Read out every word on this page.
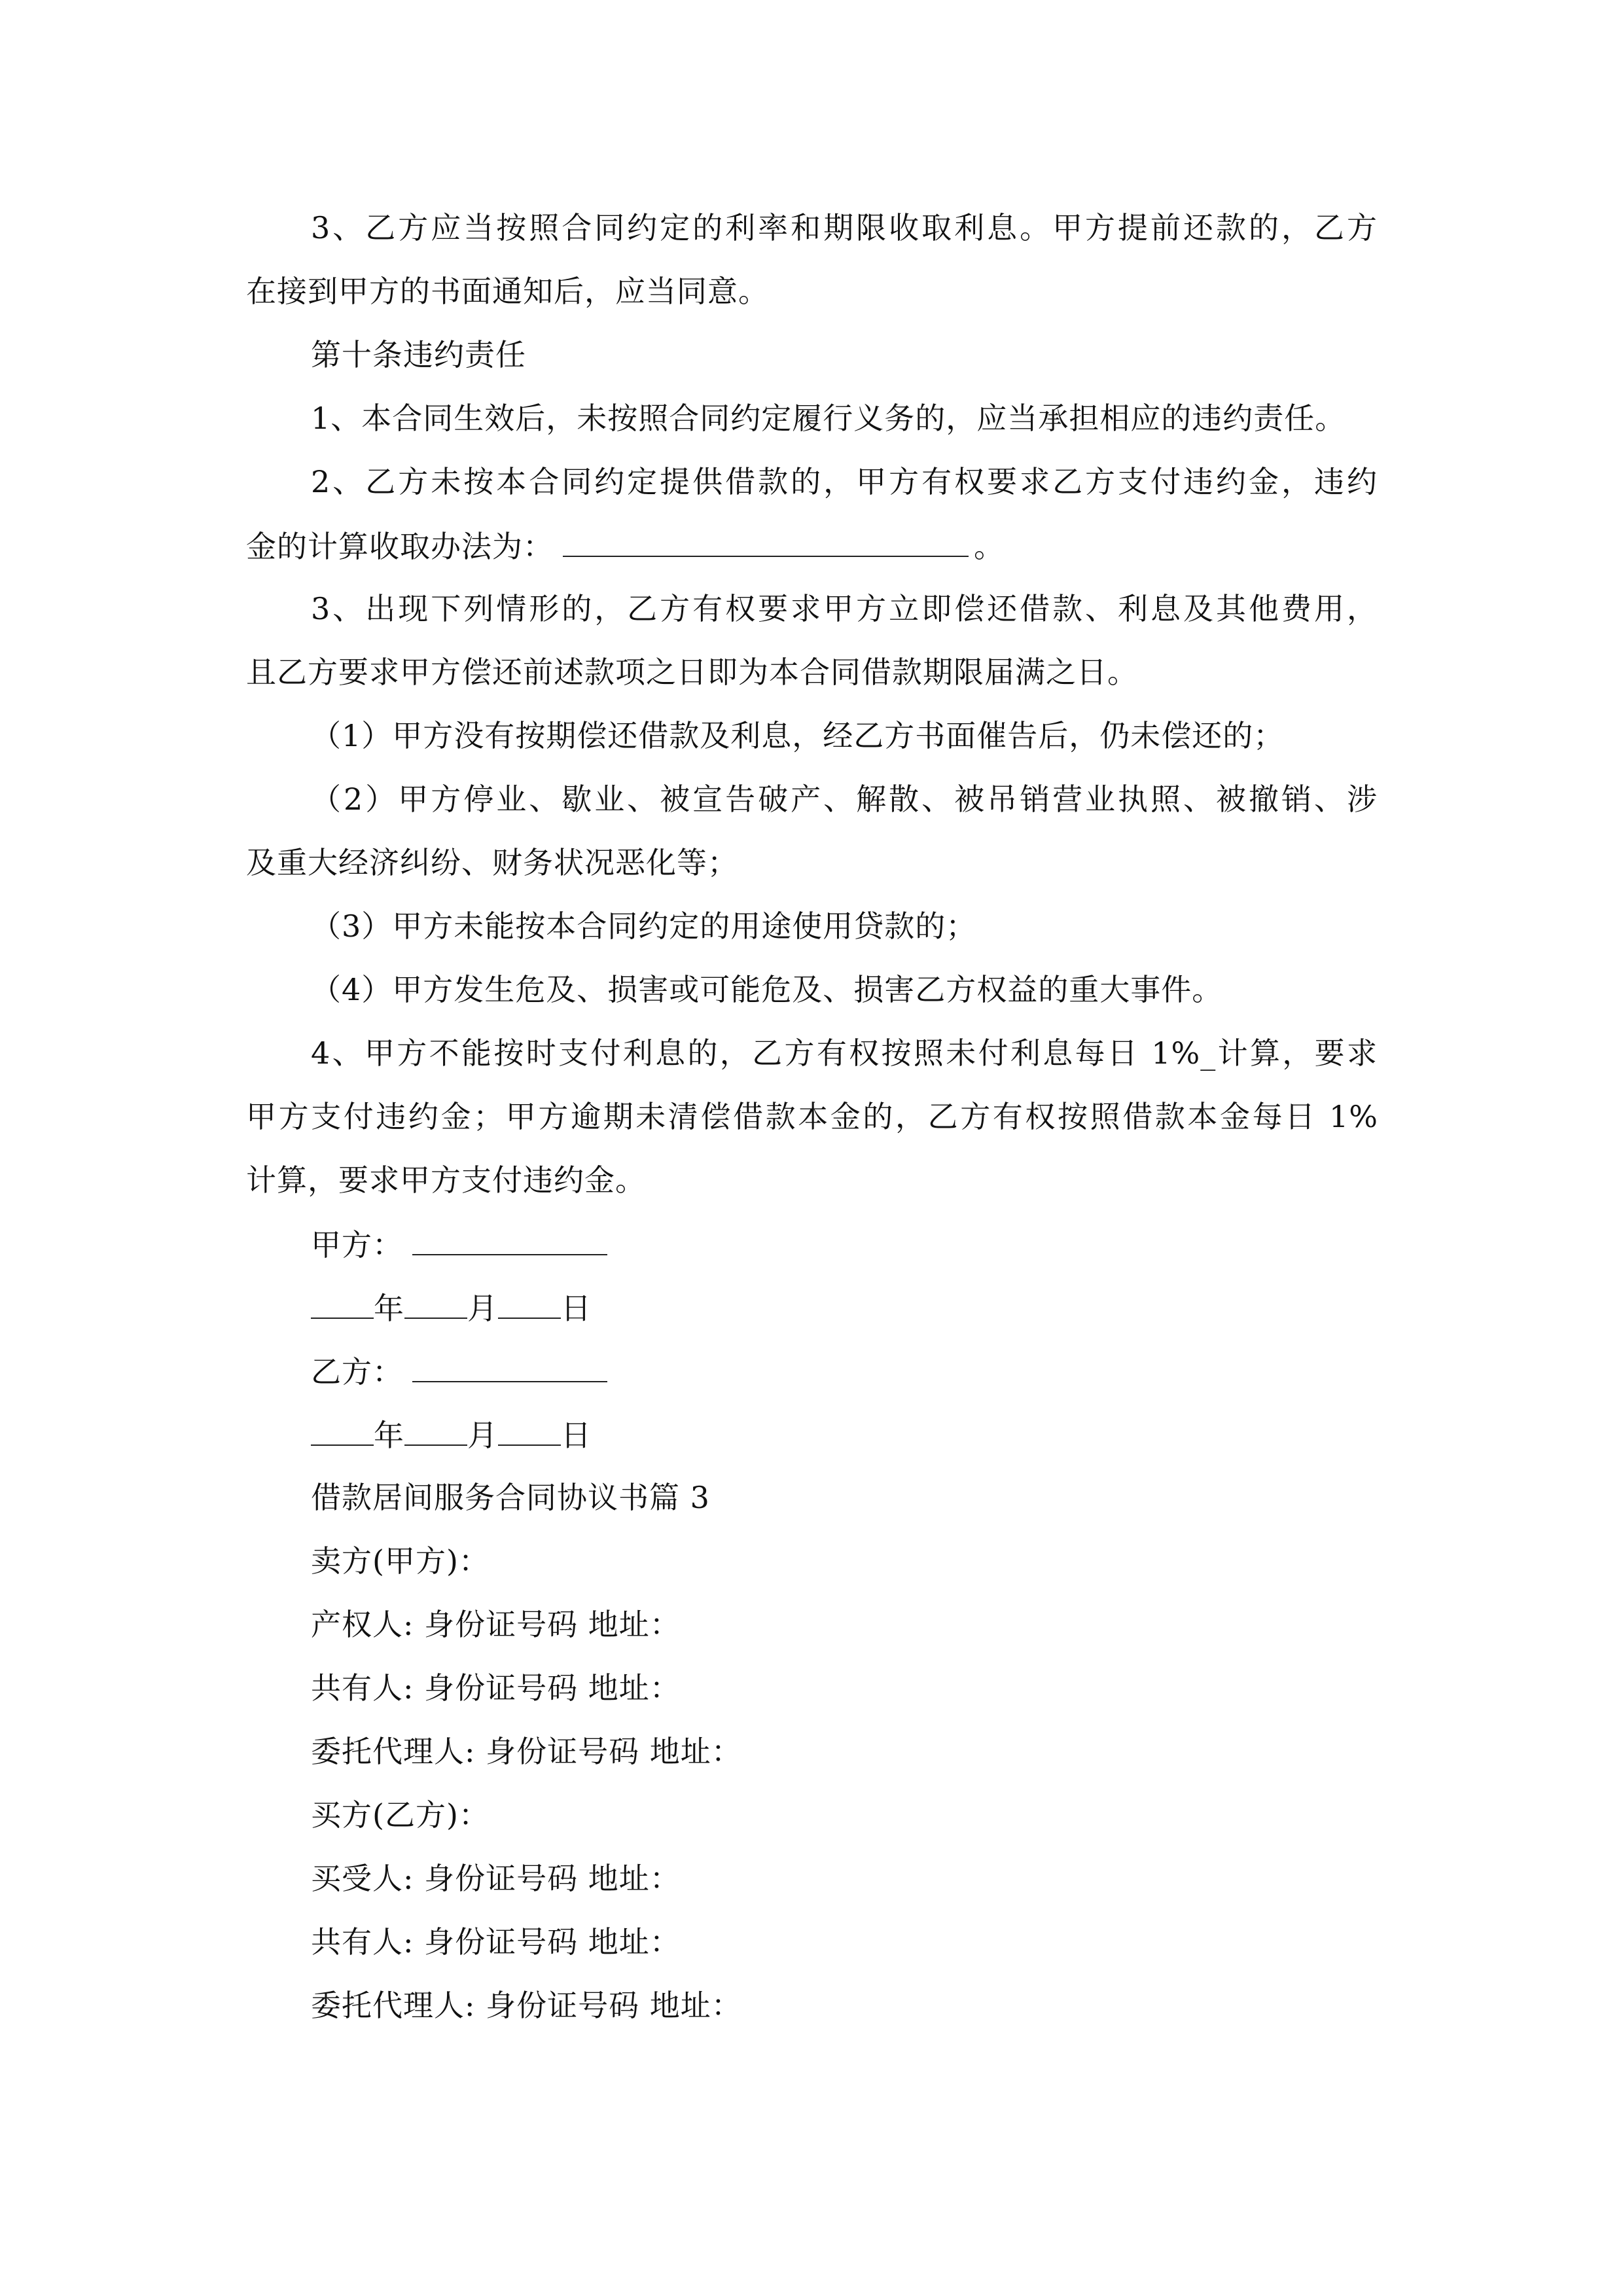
3、乙方应当按照合同约定的利率和期限收取利息。甲方提前还款的，乙方
在接到甲方的书面通知后，应当同意。
第十条违约责任
1、本合同生效后，未按照合同约定履行义务的，应当承担相应的违约责任。
2、乙方未按本合同约定提供借款的，甲方有权要求乙方支付违约金，违约
金的计算收取办法为：	。
3、出现下列情形的，乙方有权要求甲方立即偿还借款、利息及其他费用，
且乙方要求甲方偿还前述款项之日即为本合同借款期限届满之日。
（1）甲方没有按期偿还借款及利息，经乙方书面催告后，仍未偿还的；
（2）甲方停业、歇业、被宣告破产、解散、被吊销营业执照、被撤销、涉
及重大经济纠纷、财务状况恶化等；
（3）甲方未能按本合同约定的用途使用贷款的；
（4）甲方发生危及、损害或可能危及、损害乙方权益的重大事件。
4、甲方不能按时支付利息的，乙方有权按照未付利息每日 1%_计算，要求
甲方支付违约金；甲方逾期未清偿借款本金的，乙方有权按照借款本金每日 1%
计算，要求甲方支付违约金。
甲方：
年 月 日
乙方：
年 月 日
借款居间服务合同协议书篇 3
卖方(甲方)：
产权人: 身份证号码 地址：
共有人: 身份证号码 地址：
委托代理人: 身份证号码 地址：
买方(乙方)：
买受人: 身份证号码 地址：
共有人: 身份证号码 地址：
委托代理人: 身份证号码 地址：
